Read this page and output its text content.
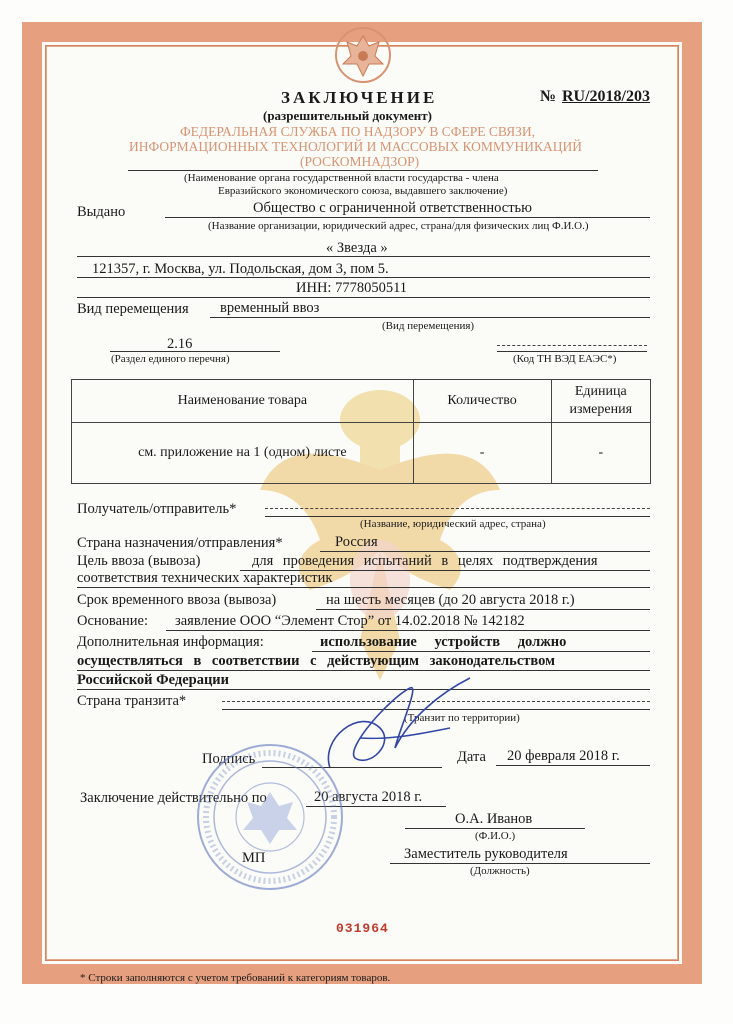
ЗАКЛЮЧЕНИЕ
(разрешительный документ)
№ RU/2018/203
ФЕДЕРАЛЬНАЯ СЛУЖБА ПО НАДЗОРУ В СФЕРЕ СВЯЗИ,
ИНФОРМАЦИОННЫХ ТЕХНОЛОГИЙ И МАССОВЫХ КОММУНИКАЦИЙ
(РОСКОМНАДЗОР)
(Наименование органа государственной власти государства - члена
Евразийского экономического союза, выдавшего заключение)
Выдано	Общество с ограниченной ответственностью
(Название организации, юридический адрес, страна/для физических лиц Ф.И.О.)
« Звезда »
121357, г. Москва, ул. Подольская, дом 3, пом 5.
ИНН: 7778050511
Вид перемещения временный ввоз
(Вид перемещения)
2.16
(Раздел единого перечня)	(Код ТН ВЭД ЕАЭС*)
Наименование товара	Количество	Единица измерения
см. приложение на 1 (одном) листе	-	-
Получатель/отправитель*
(Название, юридический адрес, страна)
Страна назначения/отправления*	Россия
Цель ввоза (вывоза)	для проведения испытаний в целях подтверждения
соответствия технических характеристик
Срок временного ввоза (вывоза)	на шесть месяцев (до 20 августа 2018 г.)
Основание: заявление ООО “Элемент Стор” от 14.02.2018 № 142182
Дополнительная информация:	использование устройств должно
осуществляться в соответствии с действующим законодательством
Российской Федерации
Страна транзита*
(Транзит по территории)
Подпись	Дата 20 февраля 2018 г.
Заключение действительно по	20 августа 2018 г.
О.А. Иванов
(Ф.И.О.)
МП	Заместитель руководителя
(Должность)
031964
* Строки заполняются с учетом требований к категориям товаров.
